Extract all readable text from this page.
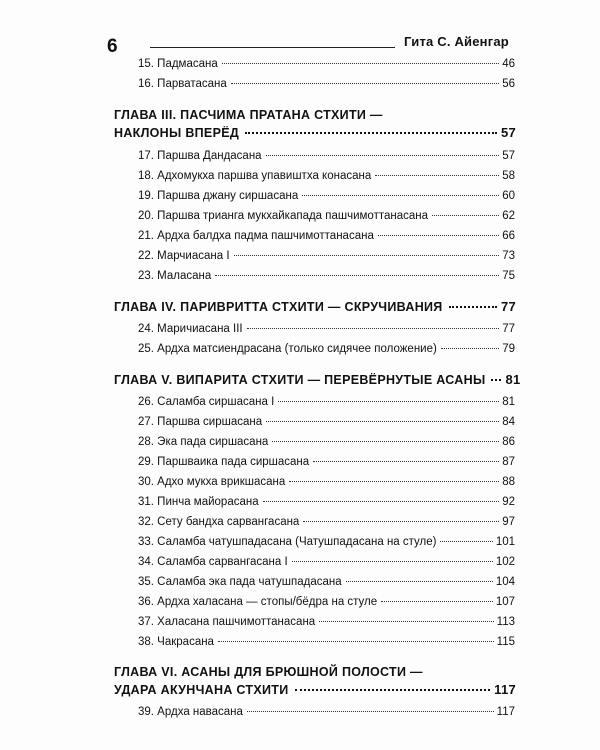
6	Гита С. Айенгар
15. Падмасана	46
16. Парватасана	56
ГЛАВА III. ПАСЧИМА ПРАТАНА СТХИТИ —
НАКЛОНЫ ВПЕРЁД	57
17. Паршва Дандасана	57
18. Адхомукха паршва упавиштха конасана	58
19. Паршва джану сиршасана	60
20. Паршва трианга мукхайкапада пашчимоттанасана	62
21. Ардха балдха падма пашчимоттанасана	66
22. Марчиасана I	73
23. Маласана	75
ГЛАВА IV. ПАРИВРИТТА СТХИТИ — СКРУЧИВАНИЯ	77
24. Маричиасана III	77
25. Ардха матсиендрасана (только сидячее положение)	79
ГЛАВА V. ВИПАРИТА СТХИТИ — ПЕРЕВЁРНУТЫЕ АСАНЫ 81
26. Саламба сиршасана I	81
27. Паршва сиршасана	84
28. Эка пада сиршасана	86
29. Паршваика пада сиршасана	87
30. Адхо мукха врикшасана	88
31. Пинча майорасана	92
32. Сету бандха сарвангасана	97
33. Саламба чатушпадасана (Чатушпадасана на стуле)	101
34. Саламба сарвангасана I	102
35. Саламба эка пада чатушпадасана	104
36. Ардха халасана — стопы/бёдра на стуле	107
37. Халасана пашчимоттанасана	113
38. Чакрасана	115
ГЛАВА VI. АСАНЫ ДЛЯ БРЮШНОЙ ПОЛОСТИ —
УДАРА АКУНЧАНА СТХИТИ	117
39. Ардха навасана	117
